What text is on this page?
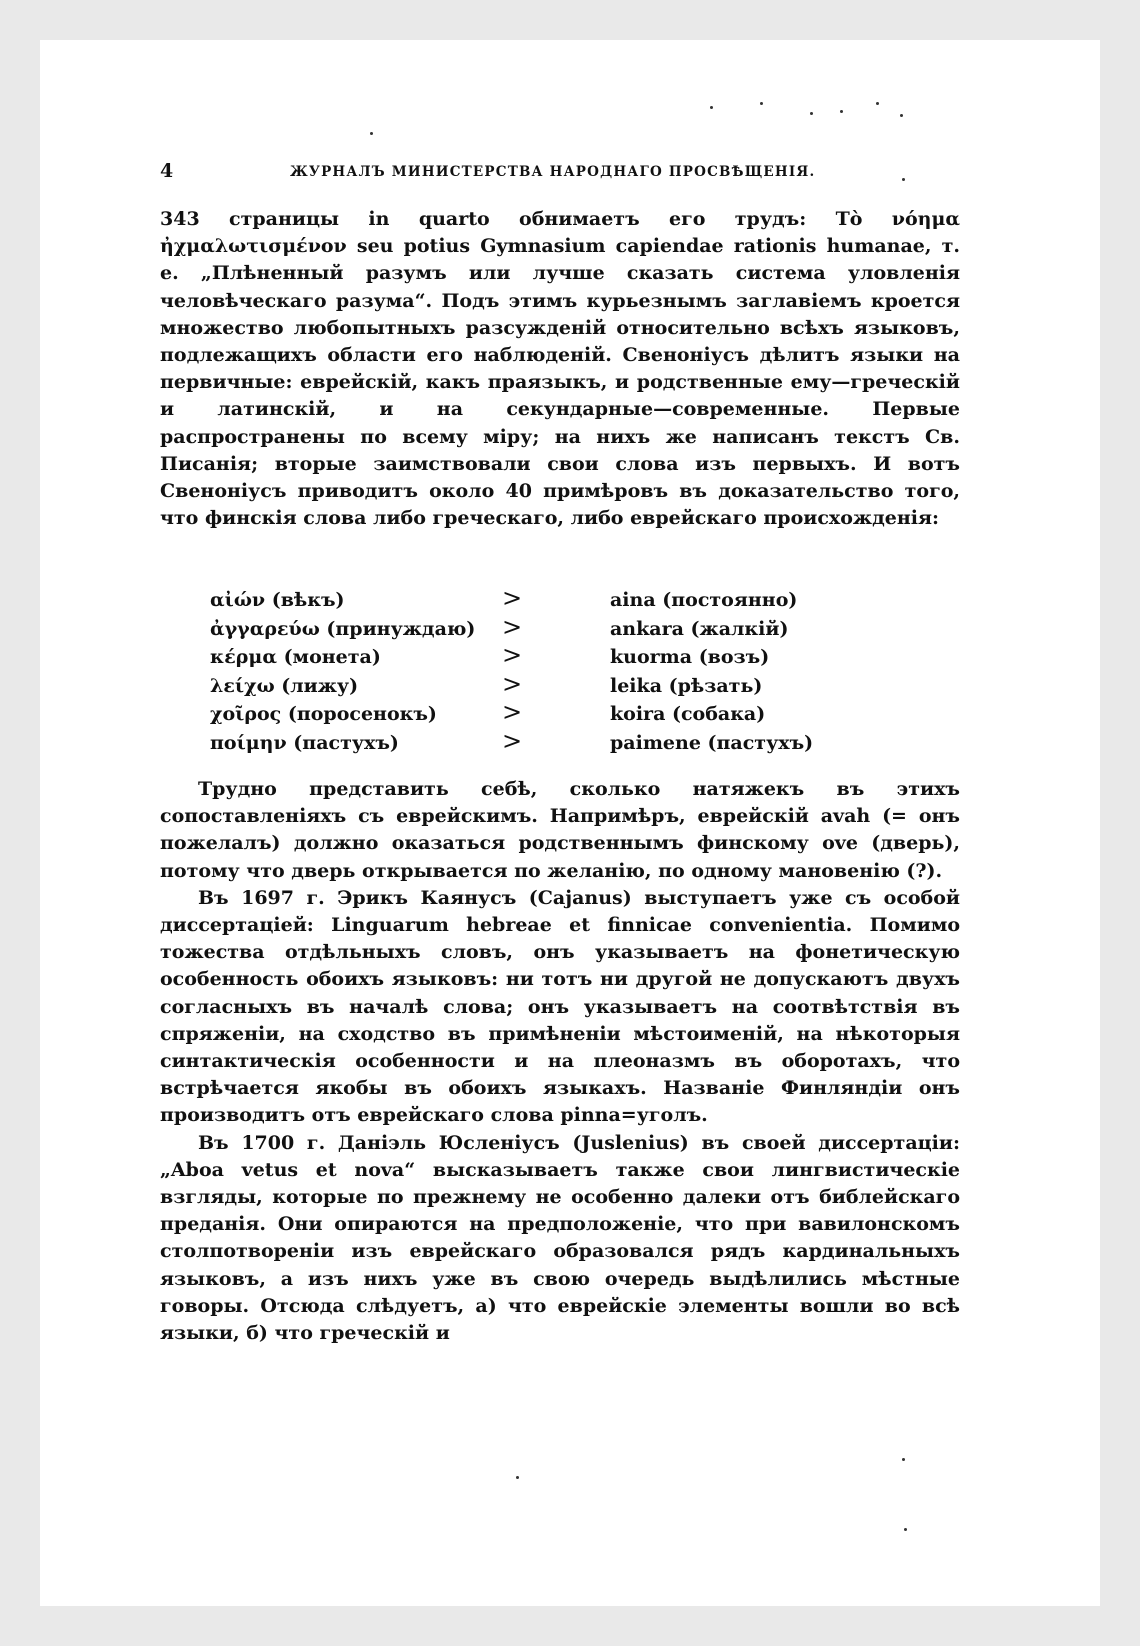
4	ЖУРНАЛЪ МИНИСТЕРСТВА НАРОДНАГО ПРОСВѢЩЕНІЯ.

343 страницы in quarto обнимаетъ его трудъ: Τὸ νόημα ἠχμαλωτισμένον seu potius Gymnasium capiendae rationis humanae, т. е. „Плѣненный разумъ или лучше сказать система уловленія человѣческаго разума“. Подъ этимъ курьезнымъ заглавіемъ кроется множество любопытныхъ разсужденій относительно всѣхъ языковъ, подлежащихъ области его наблюденій. Свеноніусъ дѣлитъ языки на первичные: еврейскій, какъ праязыкъ, и родственные ему—греческій и латинскій, и на секундарные—современные. Первые распространены по всему міру; на нихъ же написанъ текстъ Св. Писанія; вторые заимствовали свои слова изъ первыхъ. И вотъ Свеноніусъ приводитъ около 40 примѣровъ въ доказательство того, что финскія слова либо греческаго, либо еврейскаго происхожденія:

αἰών (вѣкъ)	>	aina (постоянно)
ἀγγαρεύω (принуждаю) >	ankara (жалкій)
κέρμα (монета)	>	kuorma (возъ)
λείχω (лижу)	>	leika (рѣзать)
χοῖρος (поросенокъ)	>	koira (собака)
ποίμην (пастухъ)	>	paimene (пастухъ)

Трудно представить себѣ, сколько натяжекъ въ этихъ сопоставленіяхъ съ еврейскимъ. Напримѣръ, еврейскій avah (= онъ пожелалъ) должно оказаться родственнымъ финскому ove (дверь), потому что дверь открывается по желанію, по одному мановенію (?).

Въ 1697 г. Эрикъ Каянусъ (Cajanus) выступаетъ уже съ особой диссертаціей: Linguarum hebreae et finnicae convenientia. Помимо тожества отдѣльныхъ словъ, онъ указываетъ на фонетическую особенность обоихъ языковъ: ни тотъ ни другой не допускаютъ двухъ согласныхъ въ началѣ слова; онъ указываетъ на соотвѣтствія въ спряженіи, на сходство въ примѣненіи мѣстоименій, на нѣкоторыя синтактическія особенности и на плеоназмъ въ оборотахъ, что встрѣчается якобы въ обоихъ языкахъ. Названіе Финляндіи онъ производитъ отъ еврейскаго слова pinna=уголъ.

Въ 1700 г. Даніэль Юсленіусъ (Juslenius) въ своей диссертаціи: „Aboa vetus et nova“ высказываетъ также свои лингвистическіе взгляды, которые по прежнему не особенно далеки отъ библейскаго преданія. Они опираются на предположеніе, что при вавилонскомъ столпотвореніи изъ еврейскаго образовался рядъ кардинальныхъ языковъ, а изъ нихъ уже въ свою очередь выдѣлились мѣстные говоры. Отсюда слѣдуетъ, а) что еврейскіе элементы вошли во всѣ языки, б) что греческій и
